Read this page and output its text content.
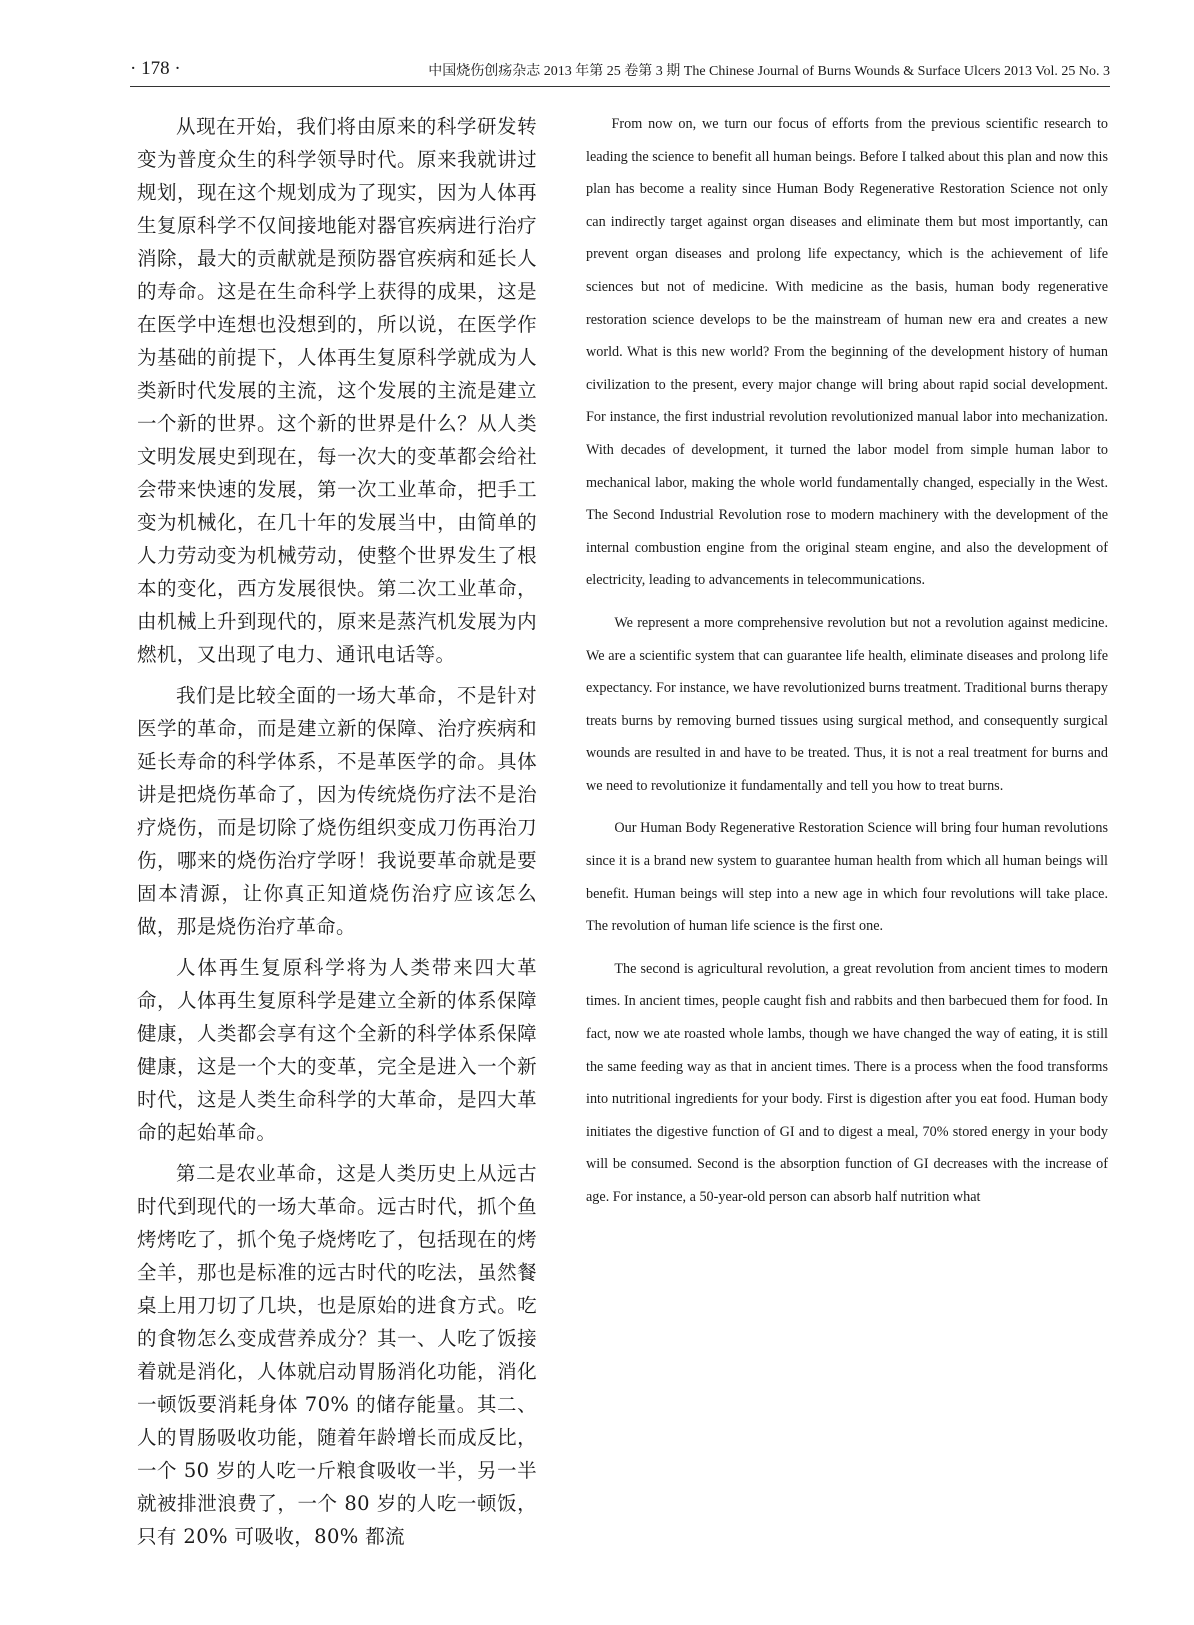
· 178 ·	中国烧伤创疡杂志 2013 年第 25 卷第 3 期 The Chinese Journal of Burns Wounds & Surface Ulcers 2013 Vol. 25 No. 3

从现在开始，我们将由原来的科学研发转变为普度众生的科学领导时代。原来我就讲过规划，现在这个规划成为了现实，因为人体再生复原科学不仅间接地能对器官疾病进行治疗消除，最大的贡献就是预防器官疾病和延长人的寿命。这是在生命科学上获得的成果，这是在医学中连想也没想到的，所以说，在医学作为基础的前提下，人体再生复原科学就成为人类新时代发展的主流，这个发展的主流是建立一个新的世界。这个新的世界是什么？从人类文明发展史到现在，每一次大的变革都会给社会带来快速的发展，第一次工业革命，把手工变为机械化，在几十年的发展当中，由简单的人力劳动变为机械劳动，使整个世界发生了根本的变化，西方发展很快。第二次工业革命，由机械上升到现代的，原来是蒸汽机发展为内燃机，又出现了电力、通讯电话等。

我们是比较全面的一场大革命，不是针对医学的革命，而是建立新的保障、治疗疾病和延长寿命的科学体系，不是革医学的命。具体讲是把烧伤革命了，因为传统烧伤疗法不是治疗烧伤，而是切除了烧伤组织变成刀伤再治刀伤，哪来的烧伤治疗学呀！我说要革命就是要固本清源，让你真正知道烧伤治疗应该怎么做，那是烧伤治疗革命。

人体再生复原科学将为人类带来四大革命，人体再生复原科学是建立全新的体系保障健康，人类都会享有这个全新的科学体系保障健康，这是一个大的变革，完全是进入一个新时代，这是人类生命科学的大革命，是四大革命的起始革命。

第二是农业革命，这是人类历史上从远古时代到现代的一场大革命。远古时代，抓个鱼烤烤吃了，抓个兔子烧烤吃了，包括现在的烤全羊，那也是标准的远古时代的吃法，虽然餐桌上用刀切了几块，也是原始的进食方式。吃的食物怎么变成营养成分？其一、人吃了饭接着就是消化，人体就启动胃肠消化功能，消化一顿饭要消耗身体 70% 的储存能量。其二、人的胃肠吸收功能，随着年龄增长而成反比，一个 50 岁的人吃一斤粮食吸收一半，另一半就被排泄浪费了，一个 80 岁的人吃一顿饭，只有 20% 可吸收，80% 都流

From now on, we turn our focus of efforts from the previous scientific research to leading the science to benefit all human beings. Before I talked about this plan and now this plan has become a reality since Human Body Regenerative Restoration Science not only can indirectly target against organ diseases and eliminate them but most importantly, can prevent organ diseases and prolong life expectancy, which is the achievement of life sciences but not of medicine. With medicine as the basis, human body regenerative restoration science develops to be the mainstream of human new era and creates a new world. What is this new world? From the beginning of the development history of human civilization to the present, every major change will bring about rapid social development. For instance, the first industrial revolution revolutionized manual labor into mechanization. With decades of development, it turned the labor model from simple human labor to mechanical labor, making the whole world fundamentally changed, especially in the West. The Second Industrial Revolution rose to modern machinery with the development of the internal combustion engine from the original steam engine, and also the development of electricity, leading to advancements in telecommunications.

We represent a more comprehensive revolution but not a revolution against medicine. We are a scientific system that can guarantee life health, eliminate diseases and prolong life expectancy. For instance, we have revolutionized burns treatment. Traditional burns therapy treats burns by removing burned tissues using surgical method, and consequently surgical wounds are resulted in and have to be treated. Thus, it is not a real treatment for burns and we need to revolutionize it fundamentally and tell you how to treat burns.

Our Human Body Regenerative Restoration Science will bring four human revolutions since it is a brand new system to guarantee human health from which all human beings will benefit. Human beings will step into a new age in which four revolutions will take place. The revolution of human life science is the first one.

The second is agricultural revolution, a great revolution from ancient times to modern times. In ancient times, people caught fish and rabbits and then barbecued them for food. In fact, now we ate roasted whole lambs, though we have changed the way of eating, it is still the same feeding way as that in ancient times. There is a process when the food transforms into nutritional ingredients for your body. First is digestion after you eat food. Human body initiates the digestive function of GI and to digest a meal, 70% stored energy in your body will be consumed. Second is the absorption function of GI decreases with the increase of age. For instance, a 50-year-old person can absorb half nutrition what
